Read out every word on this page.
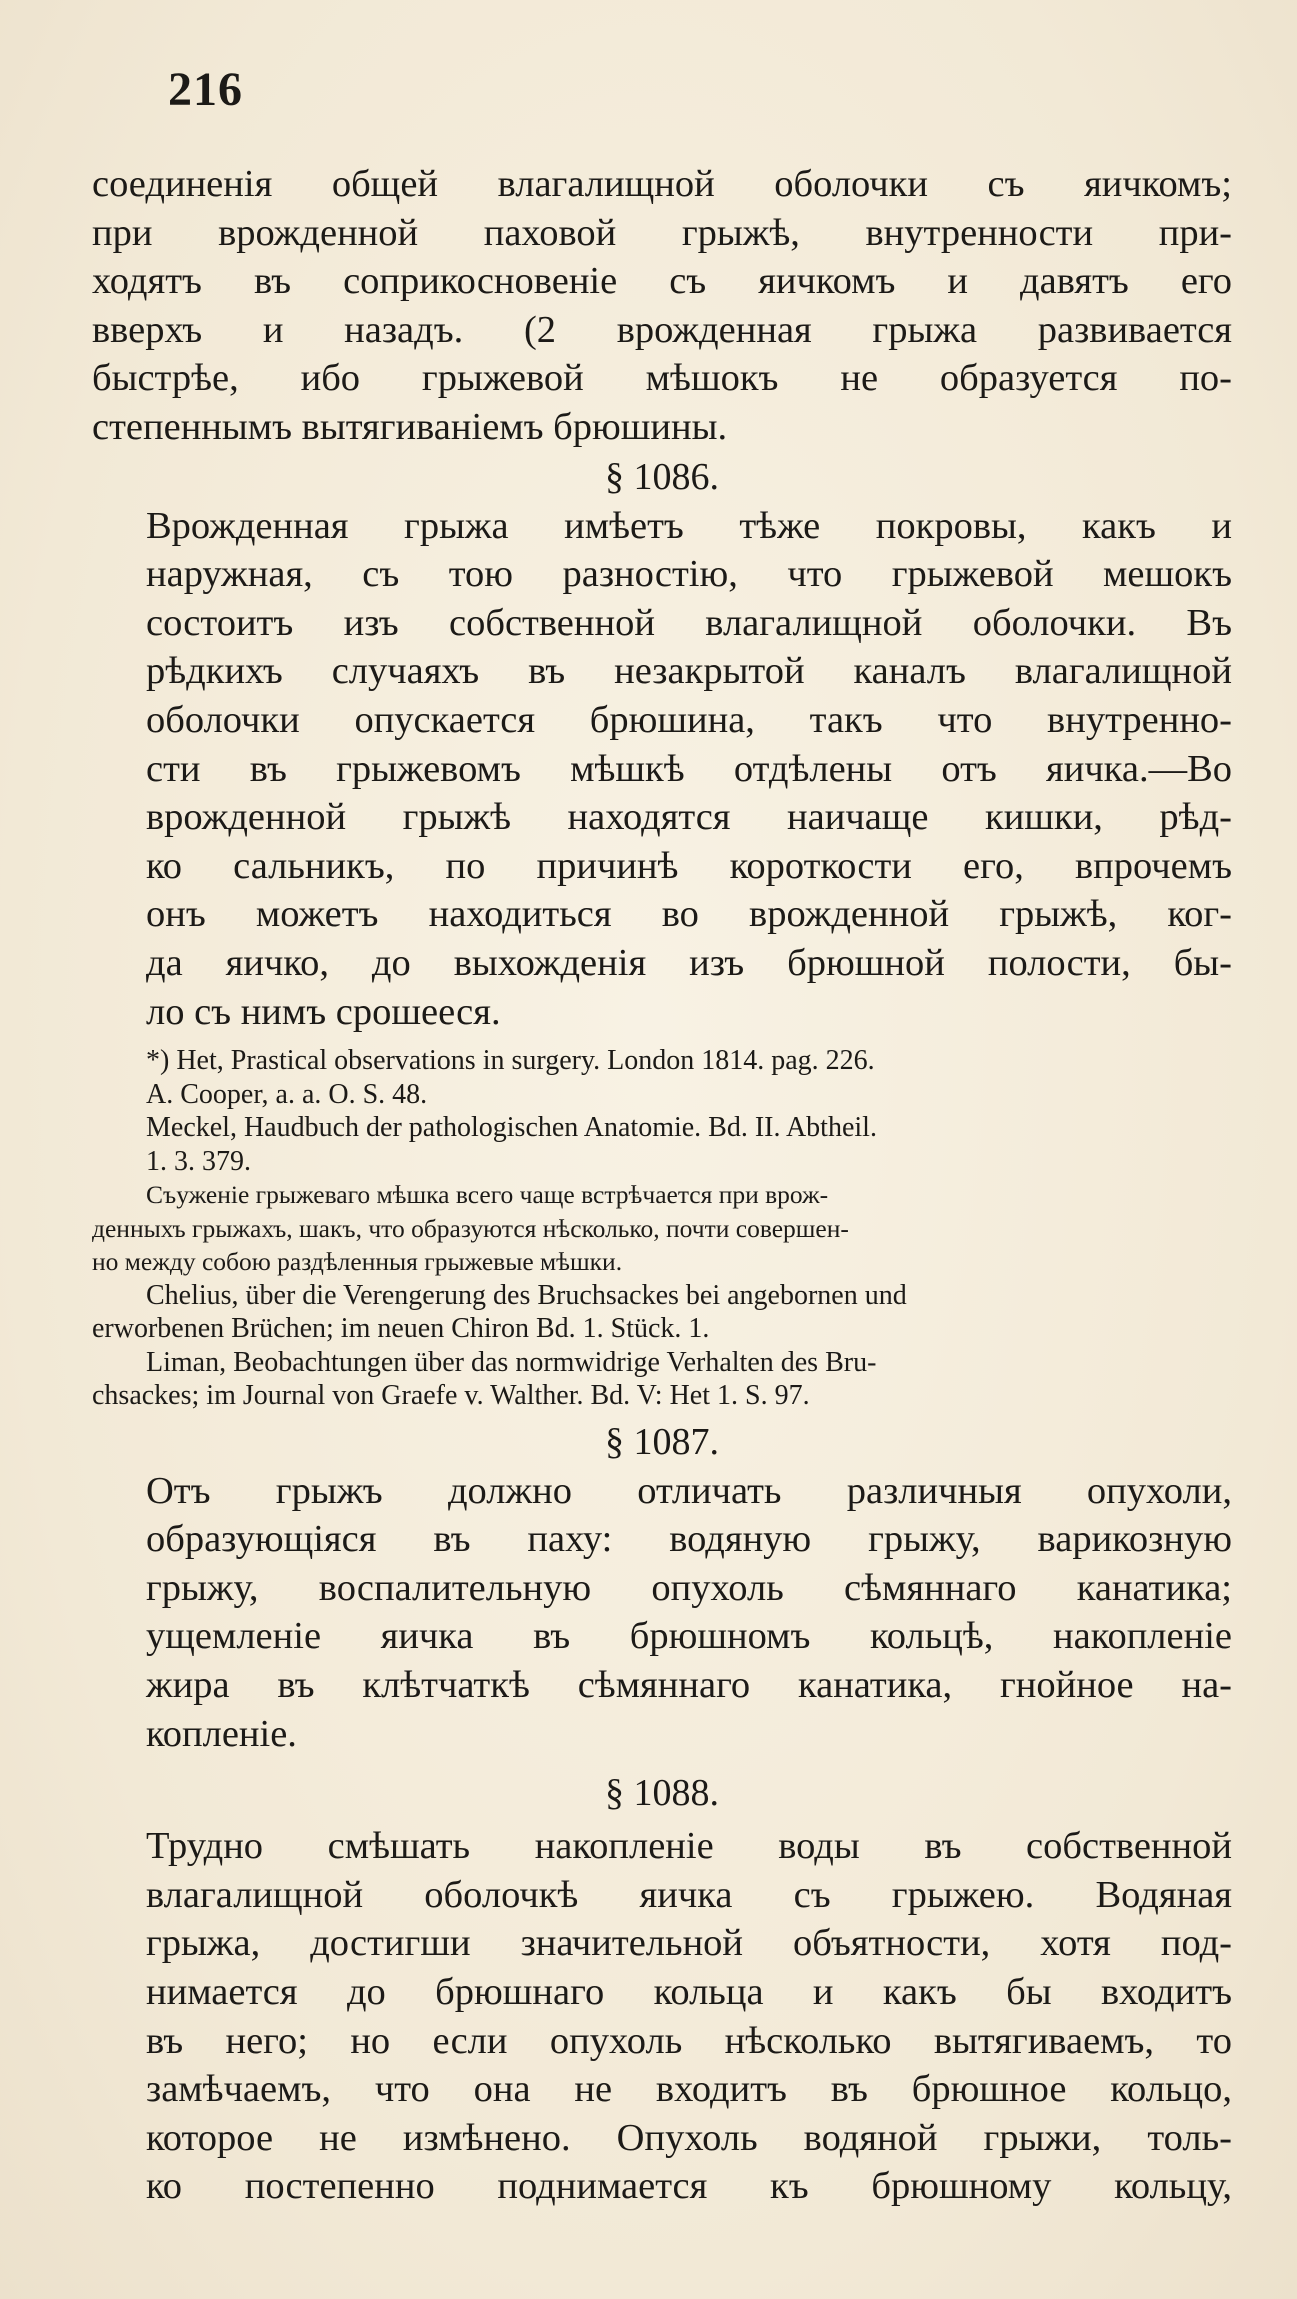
216

соединенія общей влагалищной оболочки съ яичкомъ;
при врожденной паховой грыжѣ, внутренности при-
ходятъ въ соприкосновеніе съ яичкомъ и давятъ его
вверхъ и назадъ. (2 врожденная грыжа развивается
быстрѣе, ибо грыжевой мѣшокъ не образуется по-
степеннымъ вытягиваніемъ брюшины.

§ 1086.

Врожденная грыжа имѣетъ тѣже покровы, какъ и
наружная, съ тою разностію, что грыжевой мешокъ
состоитъ изъ собственной влагалищной оболочки. Въ
рѣдкихъ случаяхъ въ незакрытой каналъ влагалищной
оболочки опускается брюшина, такъ что внутренно-
сти въ грыжевомъ мѣшкѣ отдѣлены отъ яичка.—Во
врожденной грыжѣ находятся наичаще кишки, рѣд-
ко сальникъ, по причинѣ короткости его, впрочемъ
онъ можетъ находиться во врожденной грыжѣ, ког-
да яичко, до выхожденія изъ брюшной полости, бы-
ло съ нимъ срошееся.

*) Het, Prastical observations in surgery. London 1814. pag. 226.
A. Cooper, a. a. O. S. 48.
Meckel, Haudbuch der pathologischen Anatomie. Bd. II. Abtheil.
1. 3. 379.
Съуженіе грыжеваго мѣшка всего чаще встрѣчается при врож-
денныхъ грыжахъ, шакъ, что образуются нѣсколько, почти совершен-
но между собою раздѣленныя грыжевые мѣшки.
Chelius, über die Verengerung des Bruchsackes bei angebornen und
erworbenen Brüchen; im neuen Chiron Bd. 1. Stück. 1.
Liman, Beobachtungen über das normwidrige Verhalten des Bru-
chsackes; im Journal von Graefe v. Walther. Bd. V: Het 1. S. 97.

§ 1087.

Отъ грыжъ должно отличать различныя опухоли,
образующіяся въ паху: водяную грыжу, варикозную
грыжу, воспалительную опухоль сѣмяннаго канатика;
ущемленіе яичка въ брюшномъ кольцѣ, накопленіе
жира въ клѣтчаткѣ сѣмяннаго канатика, гнойное на-
копленіе.

§ 1088.

Трудно смѣшать накопленіе воды въ собственной
влагалищной оболочкѣ яичка съ грыжею. Водяная
грыжа, достигши значительной объятности, хотя под-
нимается до брюшнаго кольца и какъ бы входитъ
въ него; но если опухоль нѣсколько вытягиваемъ, то
замѣчаемъ, что она не входитъ въ брюшное кольцо,
которое не измѣнено. Опухоль водяной грыжи, толь-
ко постепенно поднимается къ брюшному кольцу,
